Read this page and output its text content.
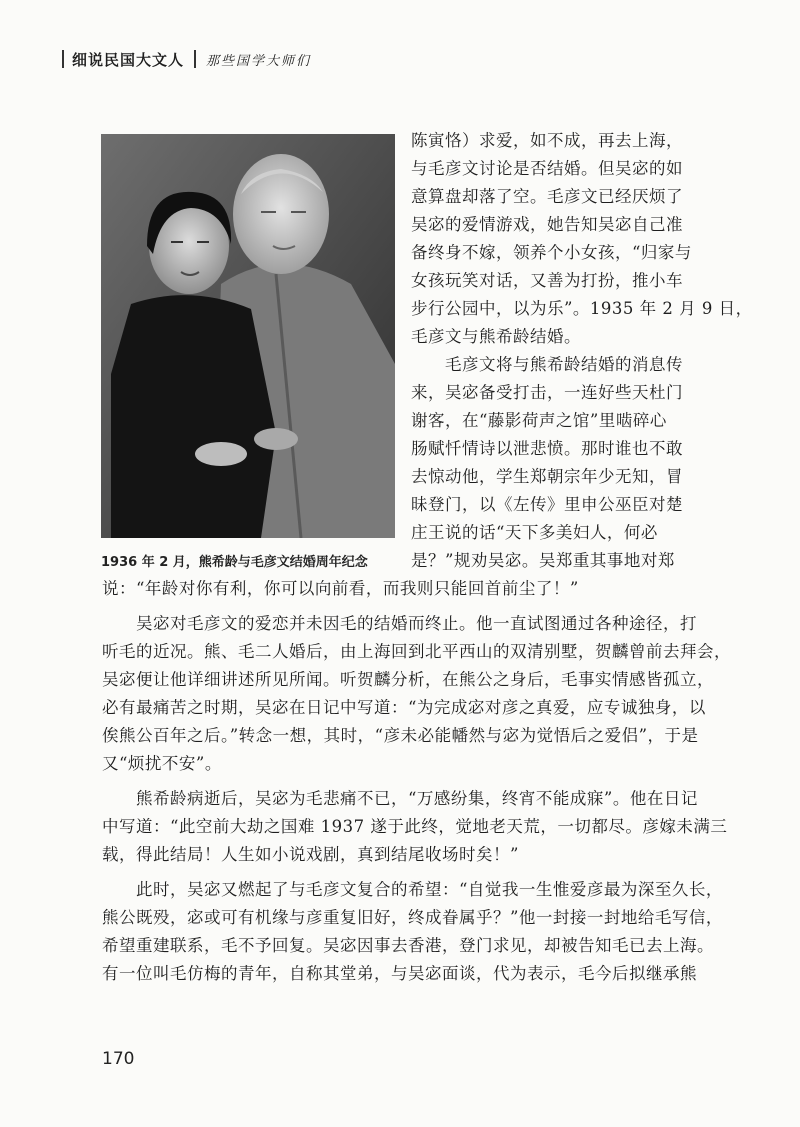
细说民国大文人 那些国学大师们
1936 年 2 月，熊希龄与毛彦文结婚周年纪念
陈寅恪）求爱，如不成，再去上海，
与毛彦文讨论是否结婚。但吴宓的如
意算盘却落了空。毛彦文已经厌烦了
吴宓的爱情游戏，她告知吴宓自己准
备终身不嫁，领养个小女孩，“归家与
女孩玩笑对话，又善为打扮，推小车
步行公园中，以为乐”。1935 年 2 月 9 日，
毛彦文与熊希龄结婚。
　　毛彦文将与熊希龄结婚的消息传
来，吴宓备受打击，一连好些天杜门
谢客，在“藤影荷声之馆”里啮碎心
肠赋忏情诗以泄悲愤。那时谁也不敢
去惊动他，学生郑朝宗年少无知，冒
昧登门，以《左传》里申公巫臣对楚
庄王说的话“天下多美妇人，何必
是？”规劝吴宓。吴郑重其事地对郑
说：“年龄对你有利，你可以向前看，而我则只能回首前尘了！”
　　吴宓对毛彦文的爱恋并未因毛的结婚而终止。他一直试图通过各种途径，打
听毛的近况。熊、毛二人婚后，由上海回到北平西山的双清别墅，贺麟曾前去拜会，
吴宓便让他详细讲述所见所闻。听贺麟分析，在熊公之身后，毛事实情感皆孤立，
必有最痛苦之时期，吴宓在日记中写道：“为完成宓对彦之真爱，应专诚独身，以
俟熊公百年之后。”转念一想，其时，“彦未必能幡然与宓为觉悟后之爱侣”，于是
又“烦扰不安”。
　　熊希龄病逝后，吴宓为毛悲痛不已，“万感纷集，终宵不能成寐”。他在日记
中写道：“此空前大劫之国难 1937 遂于此终，觉地老天荒，一切都尽。彦嫁未满三
载，得此结局！人生如小说戏剧，真到结尾收场时矣！”
　　此时，吴宓又燃起了与毛彦文复合的希望：“自觉我一生惟爱彦最为深至久长，
熊公既殁，宓或可有机缘与彦重复旧好，终成眷属乎？”他一封接一封地给毛写信，
希望重建联系，毛不予回复。吴宓因事去香港，登门求见，却被告知毛已去上海。
有一位叫毛仿梅的青年，自称其堂弟，与吴宓面谈，代为表示，毛今后拟继承熊
170
